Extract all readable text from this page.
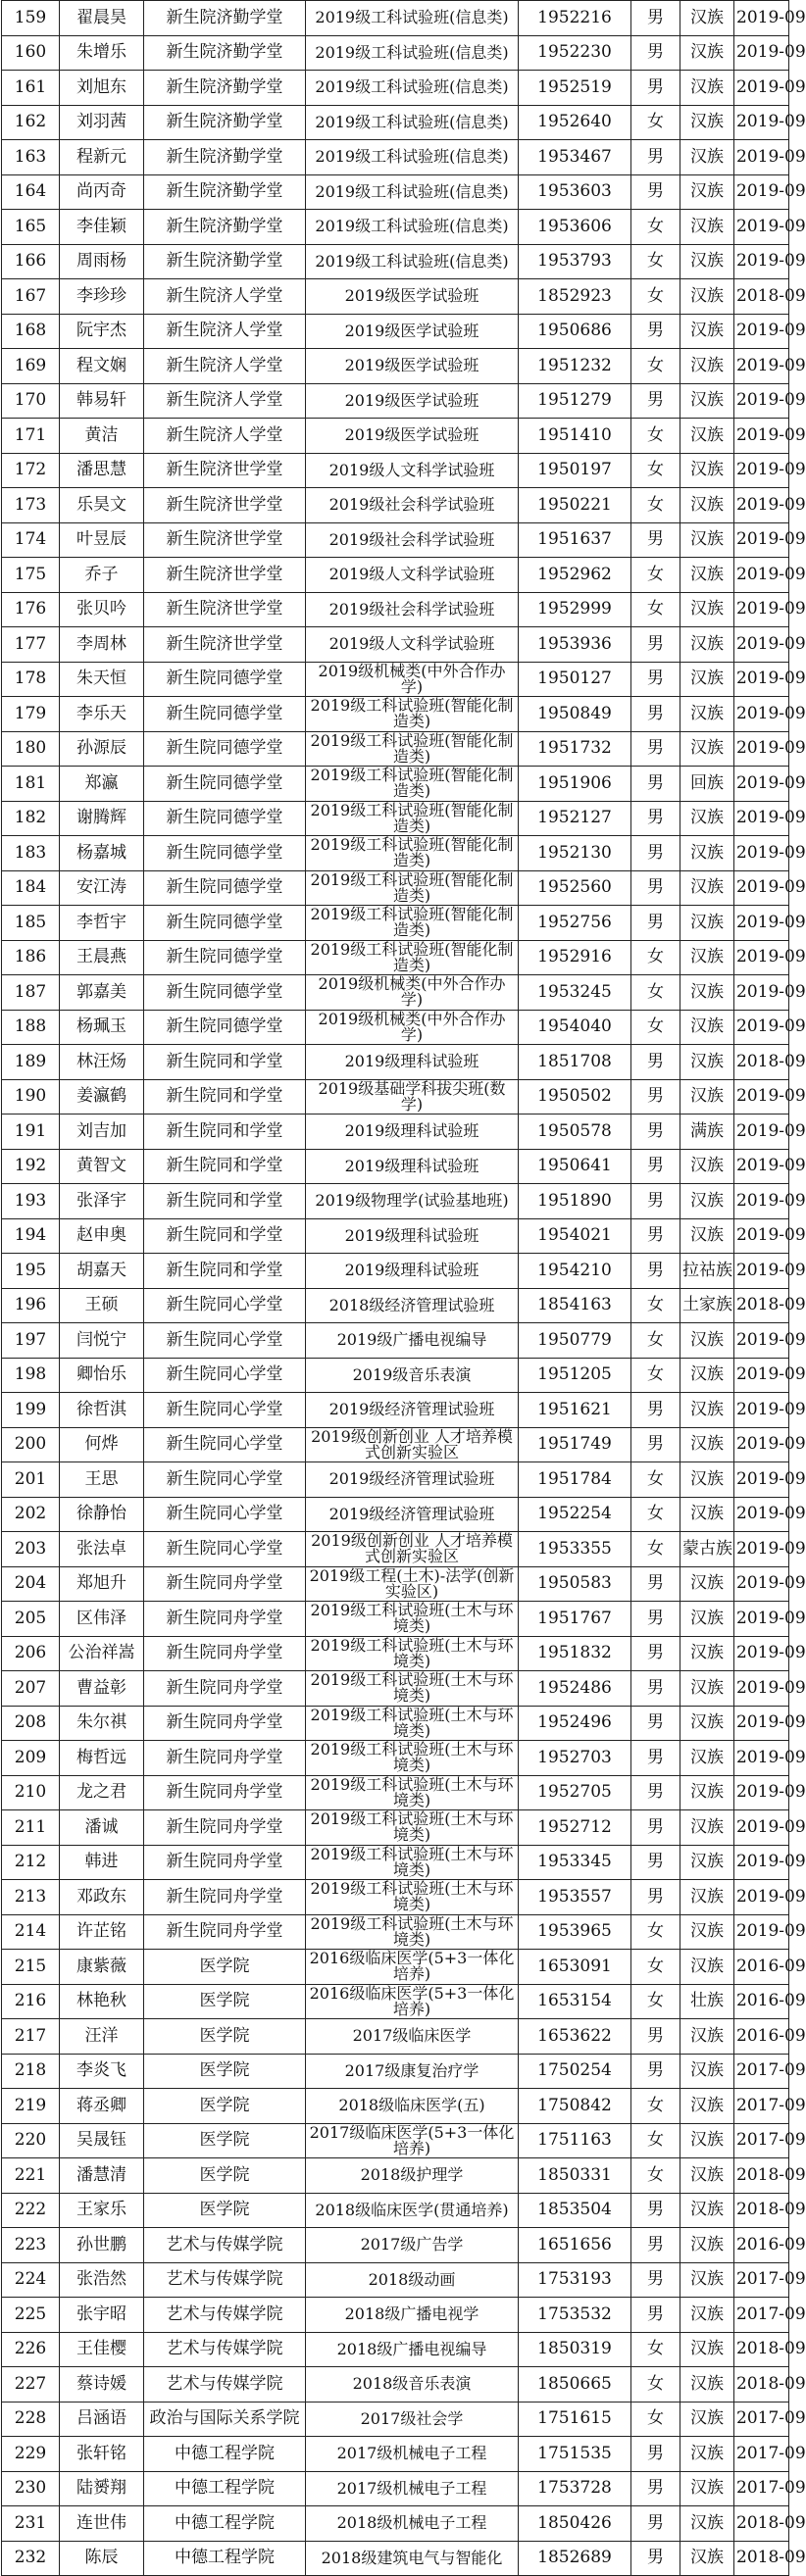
159	翟晨昊	新生院济勤学堂	2019级工科试验班(信息类)	1952216	男	汉族	2019-09
160	朱增乐	新生院济勤学堂	2019级工科试验班(信息类)	1952230	男	汉族	2019-09
161	刘旭东	新生院济勤学堂	2019级工科试验班(信息类)	1952519	男	汉族	2019-09
162	刘羽茜	新生院济勤学堂	2019级工科试验班(信息类)	1952640	女	汉族	2019-09
163	程新元	新生院济勤学堂	2019级工科试验班(信息类)	1953467	男	汉族	2019-09
164	尚丙奇	新生院济勤学堂	2019级工科试验班(信息类)	1953603	男	汉族	2019-09
165	李佳颖	新生院济勤学堂	2019级工科试验班(信息类)	1953606	女	汉族	2019-09
166	周雨杨	新生院济勤学堂	2019级工科试验班(信息类)	1953793	女	汉族	2019-09
167	李珍珍	新生院济人学堂	2019级医学试验班	1852923	女	汉族	2018-09
168	阮宇杰	新生院济人学堂	2019级医学试验班	1950686	男	汉族	2019-09
169	程文娴	新生院济人学堂	2019级医学试验班	1951232	女	汉族	2019-09
170	韩易轩	新生院济人学堂	2019级医学试验班	1951279	男	汉族	2019-09
171	黄洁	新生院济人学堂	2019级医学试验班	1951410	女	汉族	2019-09
172	潘思慧	新生院济世学堂	2019级人文科学试验班	1950197	女	汉族	2019-09
173	乐昊文	新生院济世学堂	2019级社会科学试验班	1950221	女	汉族	2019-09
174	叶昱辰	新生院济世学堂	2019级社会科学试验班	1951637	男	汉族	2019-09
175	乔子	新生院济世学堂	2019级人文科学试验班	1952962	女	汉族	2019-09
176	张贝吟	新生院济世学堂	2019级社会科学试验班	1952999	女	汉族	2019-09
177	李周林	新生院济世学堂	2019级人文科学试验班	1953936	男	汉族	2019-09
178	朱天恒	新生院同德学堂	2019级机械类(中外合作办学)	1950127	男	汉族	2019-09
179	李乐天	新生院同德学堂	2019级工科试验班(智能化制造类)	1950849	男	汉族	2019-09
180	孙源辰	新生院同德学堂	2019级工科试验班(智能化制造类)	1951732	男	汉族	2019-09
181	郑瀛	新生院同德学堂	2019级工科试验班(智能化制造类)	1951906	男	回族	2019-09
182	谢腾辉	新生院同德学堂	2019级工科试验班(智能化制造类)	1952127	男	汉族	2019-09
183	杨嘉城	新生院同德学堂	2019级工科试验班(智能化制造类)	1952130	男	汉族	2019-09
184	安江涛	新生院同德学堂	2019级工科试验班(智能化制造类)	1952560	男	汉族	2019-09
185	李哲宇	新生院同德学堂	2019级工科试验班(智能化制造类)	1952756	男	汉族	2019-09
186	王晨燕	新生院同德学堂	2019级工科试验班(智能化制造类)	1952916	女	汉族	2019-09
187	郭嘉美	新生院同德学堂	2019级机械类(中外合作办学)	1953245	女	汉族	2019-09
188	杨珮玉	新生院同德学堂	2019级机械类(中外合作办学)	1954040	女	汉族	2019-09
189	林汪炀	新生院同和学堂	2019级理科试验班	1851708	男	汉族	2018-09
190	姜瀛鹤	新生院同和学堂	2019级基础学科拔尖班(数学)	1950502	男	汉族	2019-09
191	刘吉加	新生院同和学堂	2019级理科试验班	1950578	男	满族	2019-09
192	黄智文	新生院同和学堂	2019级理科试验班	1950641	男	汉族	2019-09
193	张泽宇	新生院同和学堂	2019级物理学(试验基地班)	1951890	男	汉族	2019-09
194	赵申奥	新生院同和学堂	2019级理科试验班	1954021	男	汉族	2019-09
195	胡嘉天	新生院同和学堂	2019级理科试验班	1954210	男	拉祜族	2019-09
196	王硕	新生院同心学堂	2018级经济管理试验班	1854163	女	土家族	2018-09
197	闫悦宁	新生院同心学堂	2019级广播电视编导	1950779	女	汉族	2019-09
198	卿怡乐	新生院同心学堂	2019级音乐表演	1951205	女	汉族	2019-09
199	徐哲淇	新生院同心学堂	2019级经济管理试验班	1951621	男	汉族	2019-09
200	何烨	新生院同心学堂	2019级创新创业 人才培养模式创新实验区	1951749	男	汉族	2019-09
201	王思	新生院同心学堂	2019级经济管理试验班	1951784	女	汉族	2019-09
202	徐静怡	新生院同心学堂	2019级经济管理试验班	1952254	女	汉族	2019-09
203	张法卓	新生院同心学堂	2019级创新创业 人才培养模式创新实验区	1953355	女	蒙古族	2019-09
204	郑旭升	新生院同舟学堂	2019级工程(土木)-法学(创新实验区)	1950583	男	汉族	2019-09
205	区伟泽	新生院同舟学堂	2019级工科试验班(土木与环境类)	1951767	男	汉族	2019-09
206	公治祥嵩	新生院同舟学堂	2019级工科试验班(土木与环境类)	1951832	男	汉族	2019-09
207	曹益彰	新生院同舟学堂	2019级工科试验班(土木与环境类)	1952486	男	汉族	2019-09
208	朱尔祺	新生院同舟学堂	2019级工科试验班(土木与环境类)	1952496	男	汉族	2019-09
209	梅哲远	新生院同舟学堂	2019级工科试验班(土木与环境类)	1952703	男	汉族	2019-09
210	龙之君	新生院同舟学堂	2019级工科试验班(土木与环境类)	1952705	男	汉族	2019-09
211	潘诚	新生院同舟学堂	2019级工科试验班(土木与环境类)	1952712	男	汉族	2019-09
212	韩进	新生院同舟学堂	2019级工科试验班(土木与环境类)	1953345	男	汉族	2019-09
213	邓政东	新生院同舟学堂	2019级工科试验班(土木与环境类)	1953557	男	汉族	2019-09
214	许芷铭	新生院同舟学堂	2019级工科试验班(土木与环境类)	1953965	女	汉族	2019-09
215	康紫薇	医学院	2016级临床医学(5+3一体化培养)	1653091	女	汉族	2016-09
216	林艳秋	医学院	2016级临床医学(5+3一体化培养)	1653154	女	壮族	2016-09
217	汪洋	医学院	2017级临床医学	1653622	男	汉族	2016-09
218	李炎飞	医学院	2017级康复治疗学	1750254	男	汉族	2017-09
219	蒋丞卿	医学院	2018级临床医学(五)	1750842	女	汉族	2017-09
220	吴晟钰	医学院	2017级临床医学(5+3一体化培养)	1751163	女	汉族	2017-09
221	潘慧清	医学院	2018级护理学	1850331	女	汉族	2018-09
222	王家乐	医学院	2018级临床医学(贯通培养)	1853504	男	汉族	2018-09
223	孙世鹏	艺术与传媒学院	2017级广告学	1651656	男	汉族	2016-09
224	张浩然	艺术与传媒学院	2018级动画	1753193	男	汉族	2017-09
225	张宇昭	艺术与传媒学院	2018级广播电视学	1753532	男	汉族	2017-09
226	王佳樱	艺术与传媒学院	2018级广播电视编导	1850319	女	汉族	2018-09
227	蔡诗媛	艺术与传媒学院	2018级音乐表演	1850665	女	汉族	2018-09
228	吕涵语	政治与国际关系学院	2017级社会学	1751615	女	汉族	2017-09
229	张轩铭	中德工程学院	2017级机械电子工程	1751535	男	汉族	2017-09
230	陆赟翔	中德工程学院	2017级机械电子工程	1753728	男	汉族	2017-09
231	连世伟	中德工程学院	2018级机械电子工程	1850426	男	汉族	2018-09
232	陈辰	中德工程学院	2018级建筑电气与智能化	1852689	男	汉族	2018-09
